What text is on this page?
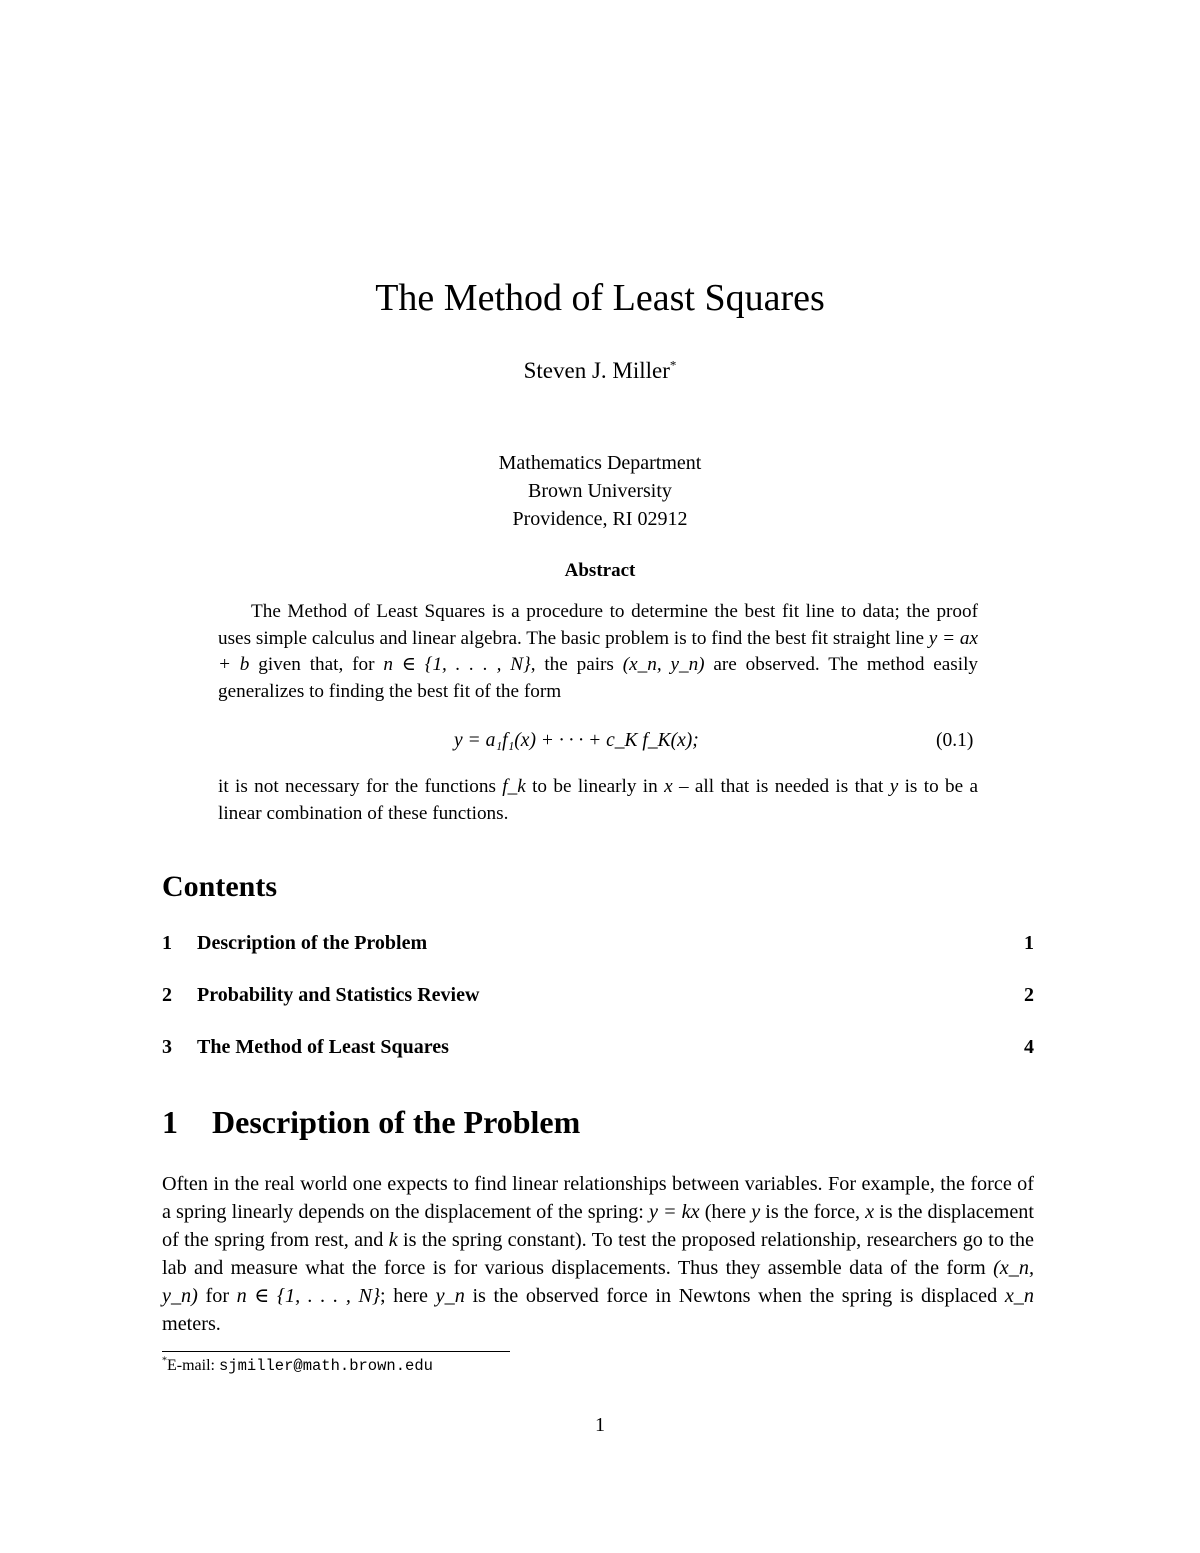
The Method of Least Squares
Steven J. Miller*
Mathematics Department
Brown University
Providence, RI 02912
Abstract

The Method of Least Squares is a procedure to determine the best fit line to data; the proof uses simple calculus and linear algebra. The basic problem is to find the best fit straight line y = ax + b given that, for n ∈ {1, . . . , N}, the pairs (x_n, y_n) are observed. The method easily generalizes to finding the best fit of the form

y = a₁f₁(x) + · · · + c_K f_K(x);	(0.1)

it is not necessary for the functions f_k to be linearly in x – all that is needed is that y is to be a linear combination of these functions.

Contents
1 Description of the Problem	1
2 Probability and Statistics Review	2
3 The Method of Least Squares	4
1 Description of the Problem

Often in the real world one expects to find linear relationships between variables. For example, the force of a spring linearly depends on the displacement of the spring: y = kx (here y is the force, x is the displacement of the spring from rest, and k is the spring constant). To test the proposed relationship, researchers go to the lab and measure what the force is for various displacements. Thus they assemble data of the form (x_n, y_n) for n ∈ {1, . . . , N}; here y_n is the observed force in Newtons when the spring is displaced x_n meters.

*E-mail: sjmiller@math.brown.edu
1
